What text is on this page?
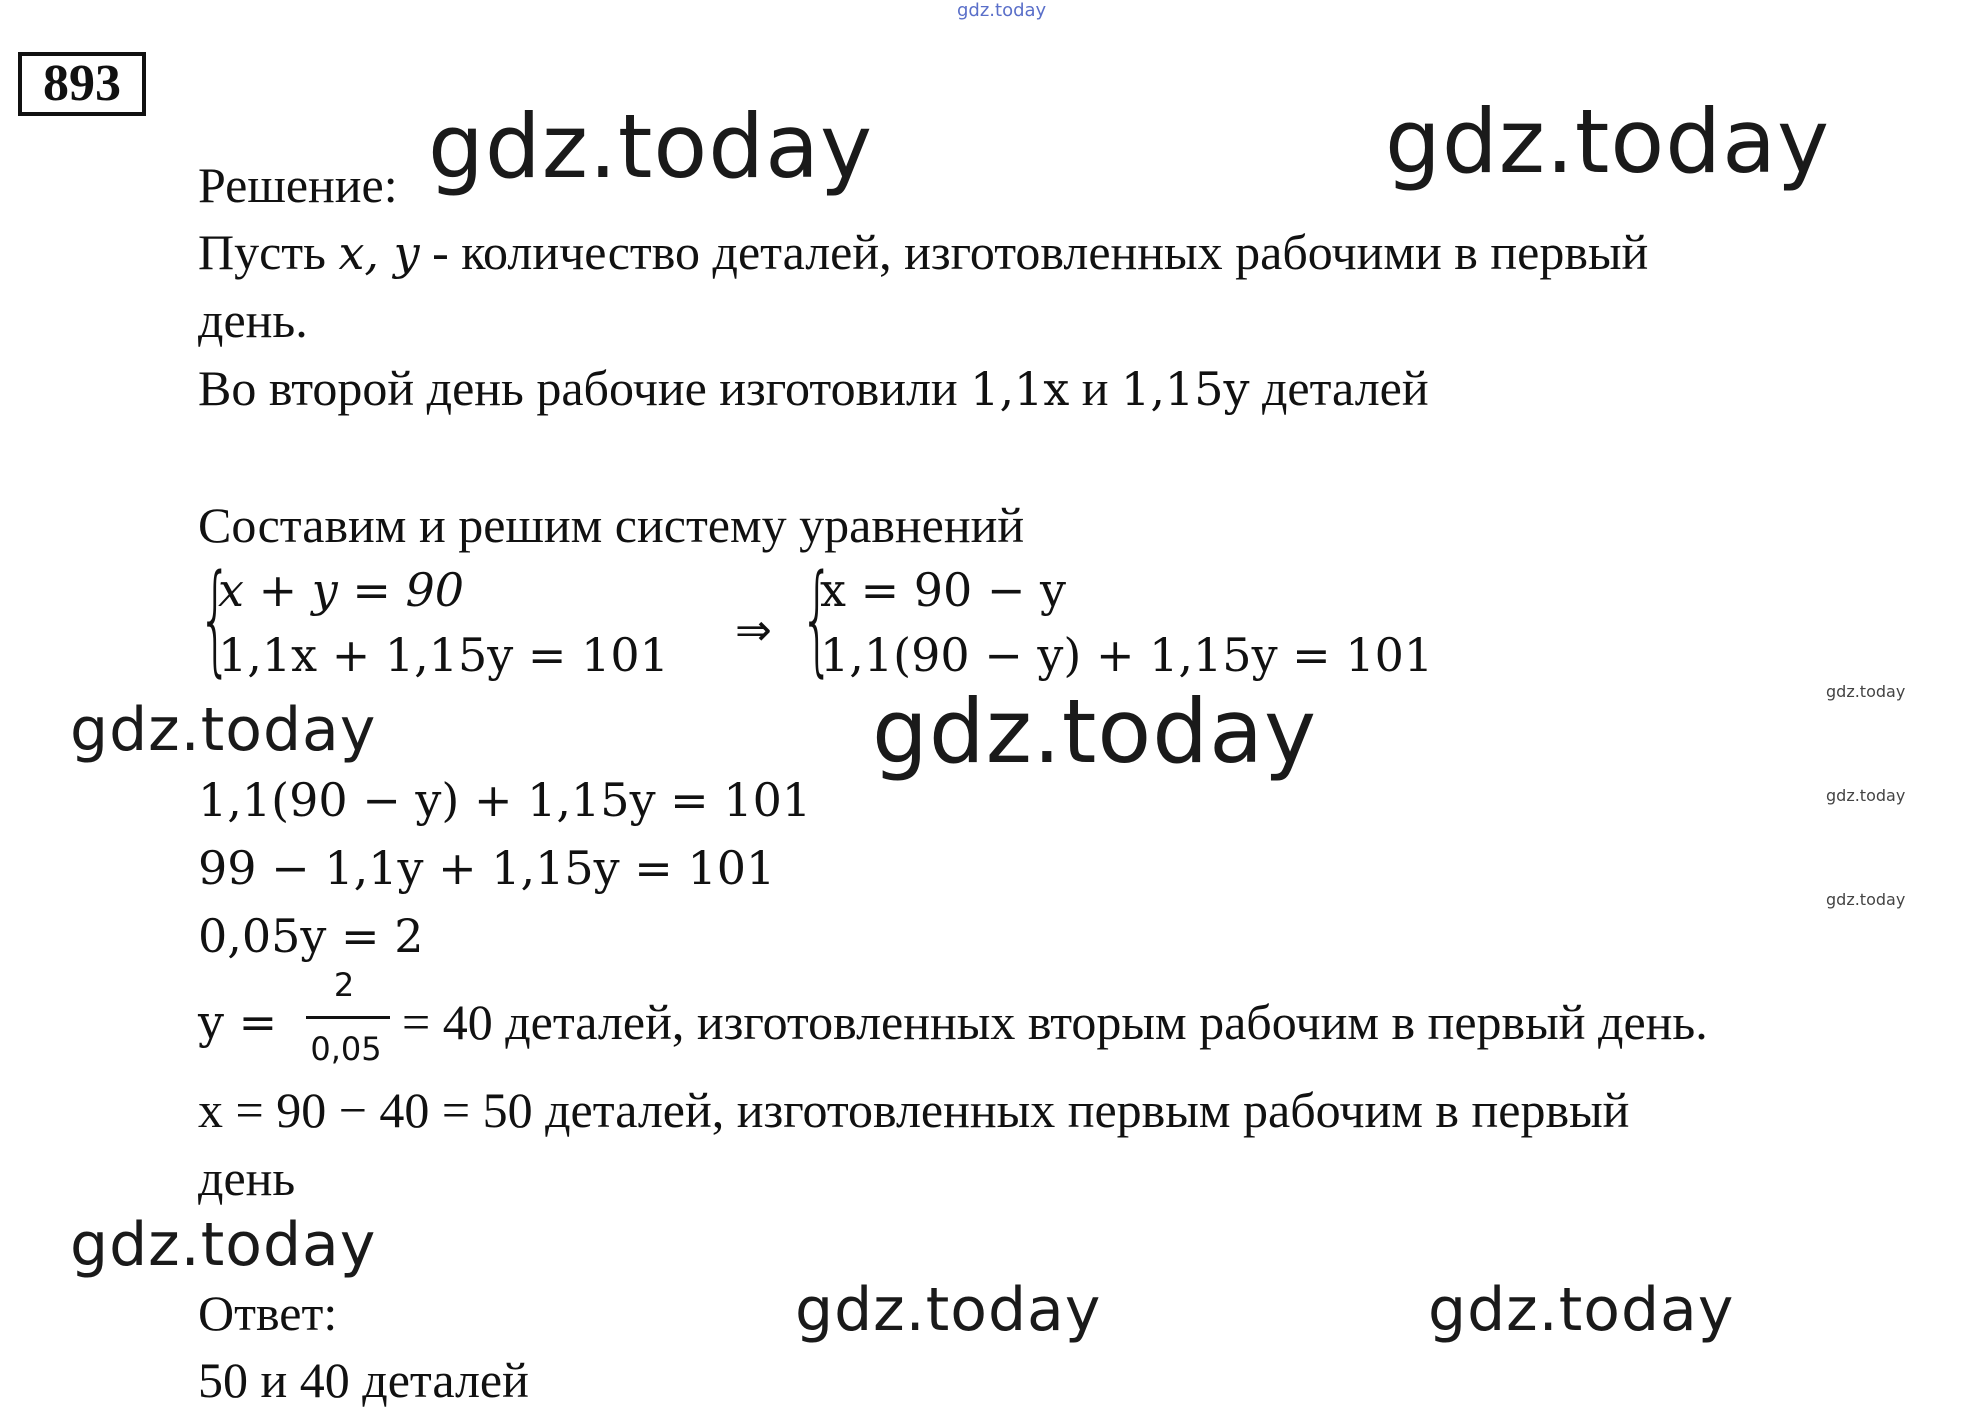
gdz.today
893
Решение:
Пусть x, y - количество деталей, изготовленных рабочими в первый
день.
Во второй день рабочие изготовили 1,1x и 1,15y деталей
Составим и решим систему уравнений
{
x + y = 90
1,1x + 1,15y = 101 ⇒ {
x = 90 − y
1,1(90 − y) + 1,15y = 101
1,1(90 − y) + 1,15y = 101
99 − 1,1y + 1,15y = 101
0,05y = 2
y =
2
0,05 = 40 деталей, изготовленных вторым рабочим в первый день.
x = 90 − 40 = 50 деталей, изготовленных первым рабочим в первый
день
Ответ:
50 и 40 деталей
gdz.today	gdz.today
gdz.today	gdz.today
gdz.today
gdz.today	gdz.today
gdz.today
gdz.today
gdz.today
